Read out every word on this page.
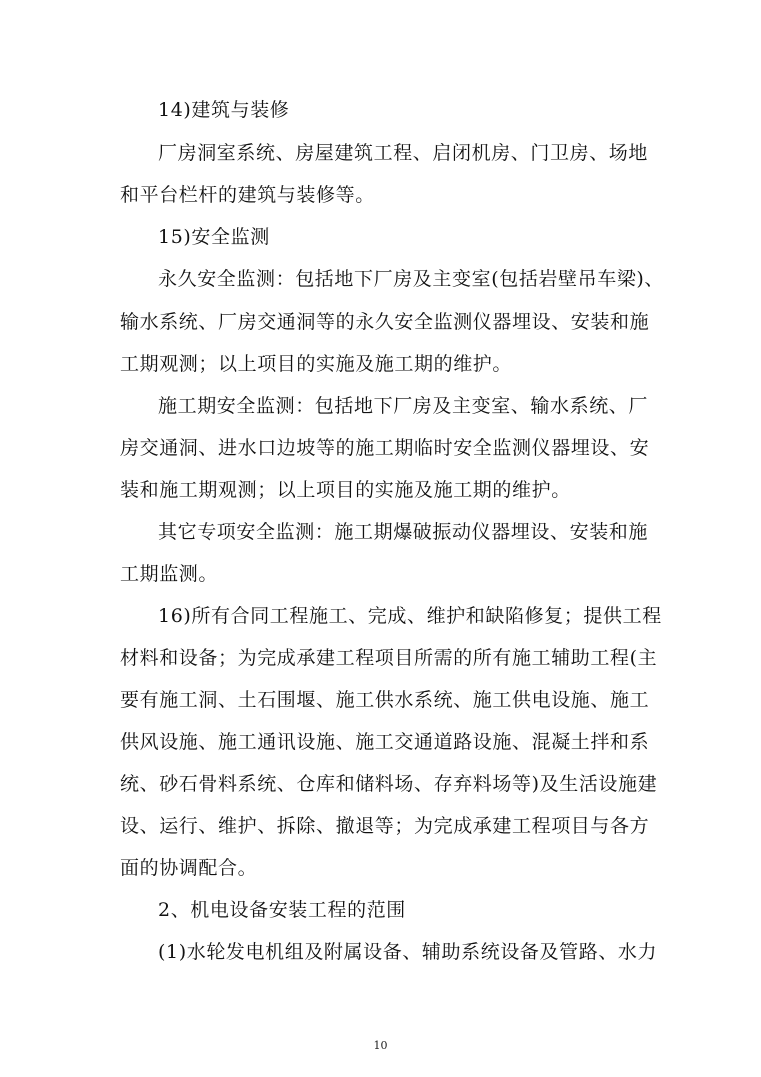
14)建筑与装修
厂房洞室系统、房屋建筑工程、启闭机房、门卫房、场地
和平台栏杆的建筑与装修等。
15)安全监测
永久安全监测：包括地下厂房及主变室(包括岩壁吊车梁)、
输水系统、厂房交通洞等的永久安全监测仪器埋设、安装和施
工期观测；以上项目的实施及施工期的维护。
施工期安全监测：包括地下厂房及主变室、输水系统、厂
房交通洞、进水口边坡等的施工期临时安全监测仪器埋设、安
装和施工期观测；以上项目的实施及施工期的维护。
其它专项安全监测：施工期爆破振动仪器埋设、安装和施
工期监测。
16)所有合同工程施工、完成、维护和缺陷修复；提供工程
材料和设备；为完成承建工程项目所需的所有施工辅助工程(主
要有施工洞、土石围堰、施工供水系统、施工供电设施、施工
供风设施、施工通讯设施、施工交通道路设施、混凝土拌和系
统、砂石骨料系统、仓库和储料场、存弃料场等)及生活设施建
设、运行、维护、拆除、撤退等；为完成承建工程项目与各方
面的协调配合。
2、机电设备安装工程的范围
(1)水轮发电机组及附属设备、辅助系统设备及管路、水力
10
